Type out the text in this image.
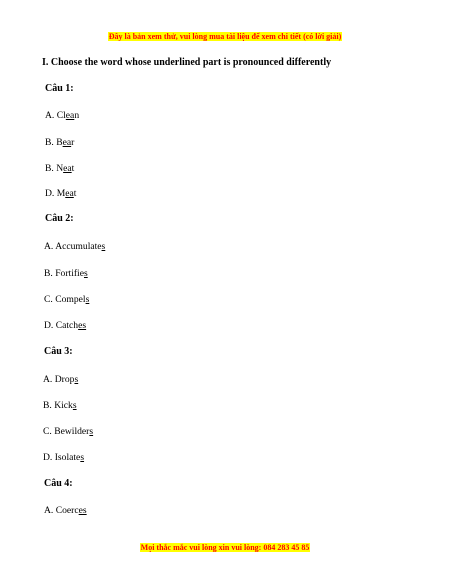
Đây là bản xem thử, vui lòng mua tài liệu để xem chi tiết (có lời giải)
I. Choose the word whose underlined part is pronounced differently
Câu 1:
A. Clean
B. Bear
B. Neat
D. Meat
Câu 2:
A. Accumulates
B. Fortifies
C. Compels
D. Catches
Câu 3:
A. Drops
B. Kicks
C. Bewilders
D. Isolates
Câu 4:
A. Coerces
Mọi thắc mắc vui lòng xin vui lòng: 084 283 45 85
